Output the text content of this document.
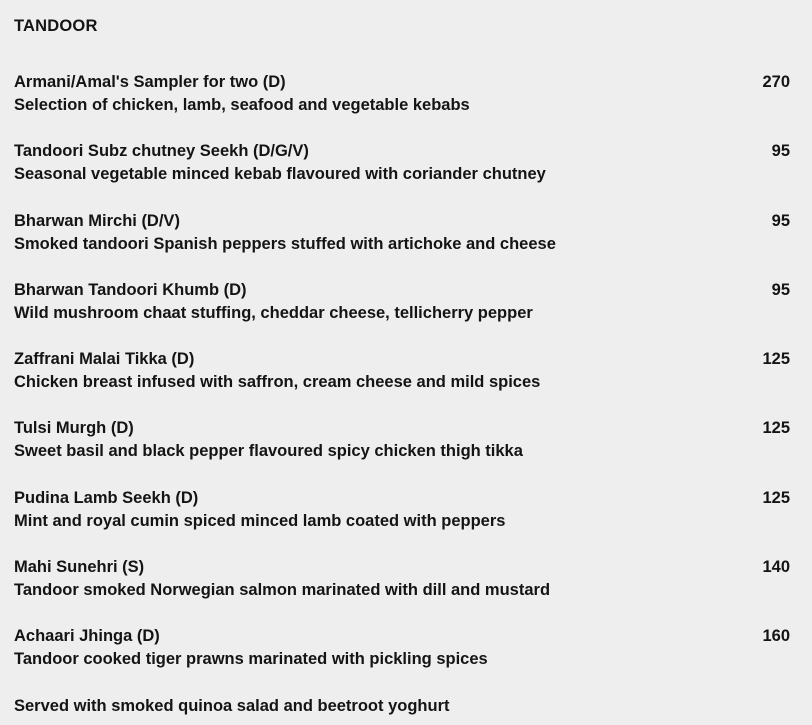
TANDOOR
Armani/Amal's Sampler for two (D)
Selection of chicken, lamb, seafood and vegetable kebabs
270
Tandoori Subz chutney Seekh (D/G/V)
Seasonal vegetable minced kebab flavoured with coriander chutney
95
Bharwan Mirchi (D/V)
Smoked tandoori Spanish peppers stuffed with artichoke and cheese
95
Bharwan Tandoori Khumb (D)
Wild mushroom chaat stuffing, cheddar cheese, tellicherry pepper
95
Zaffrani Malai Tikka (D)
Chicken breast infused with saffron, cream cheese and mild spices
125
Tulsi Murgh (D)
Sweet basil and black pepper flavoured spicy chicken thigh tikka
125
Pudina Lamb Seekh (D)
Mint and royal cumin spiced minced lamb coated with peppers
125
Mahi Sunehri (S)
Tandoor smoked Norwegian salmon marinated with dill and mustard
140
Achaari Jhinga (D)
Tandoor cooked tiger prawns marinated with pickling spices
160
Served with smoked quinoa salad and beetroot yoghurt
